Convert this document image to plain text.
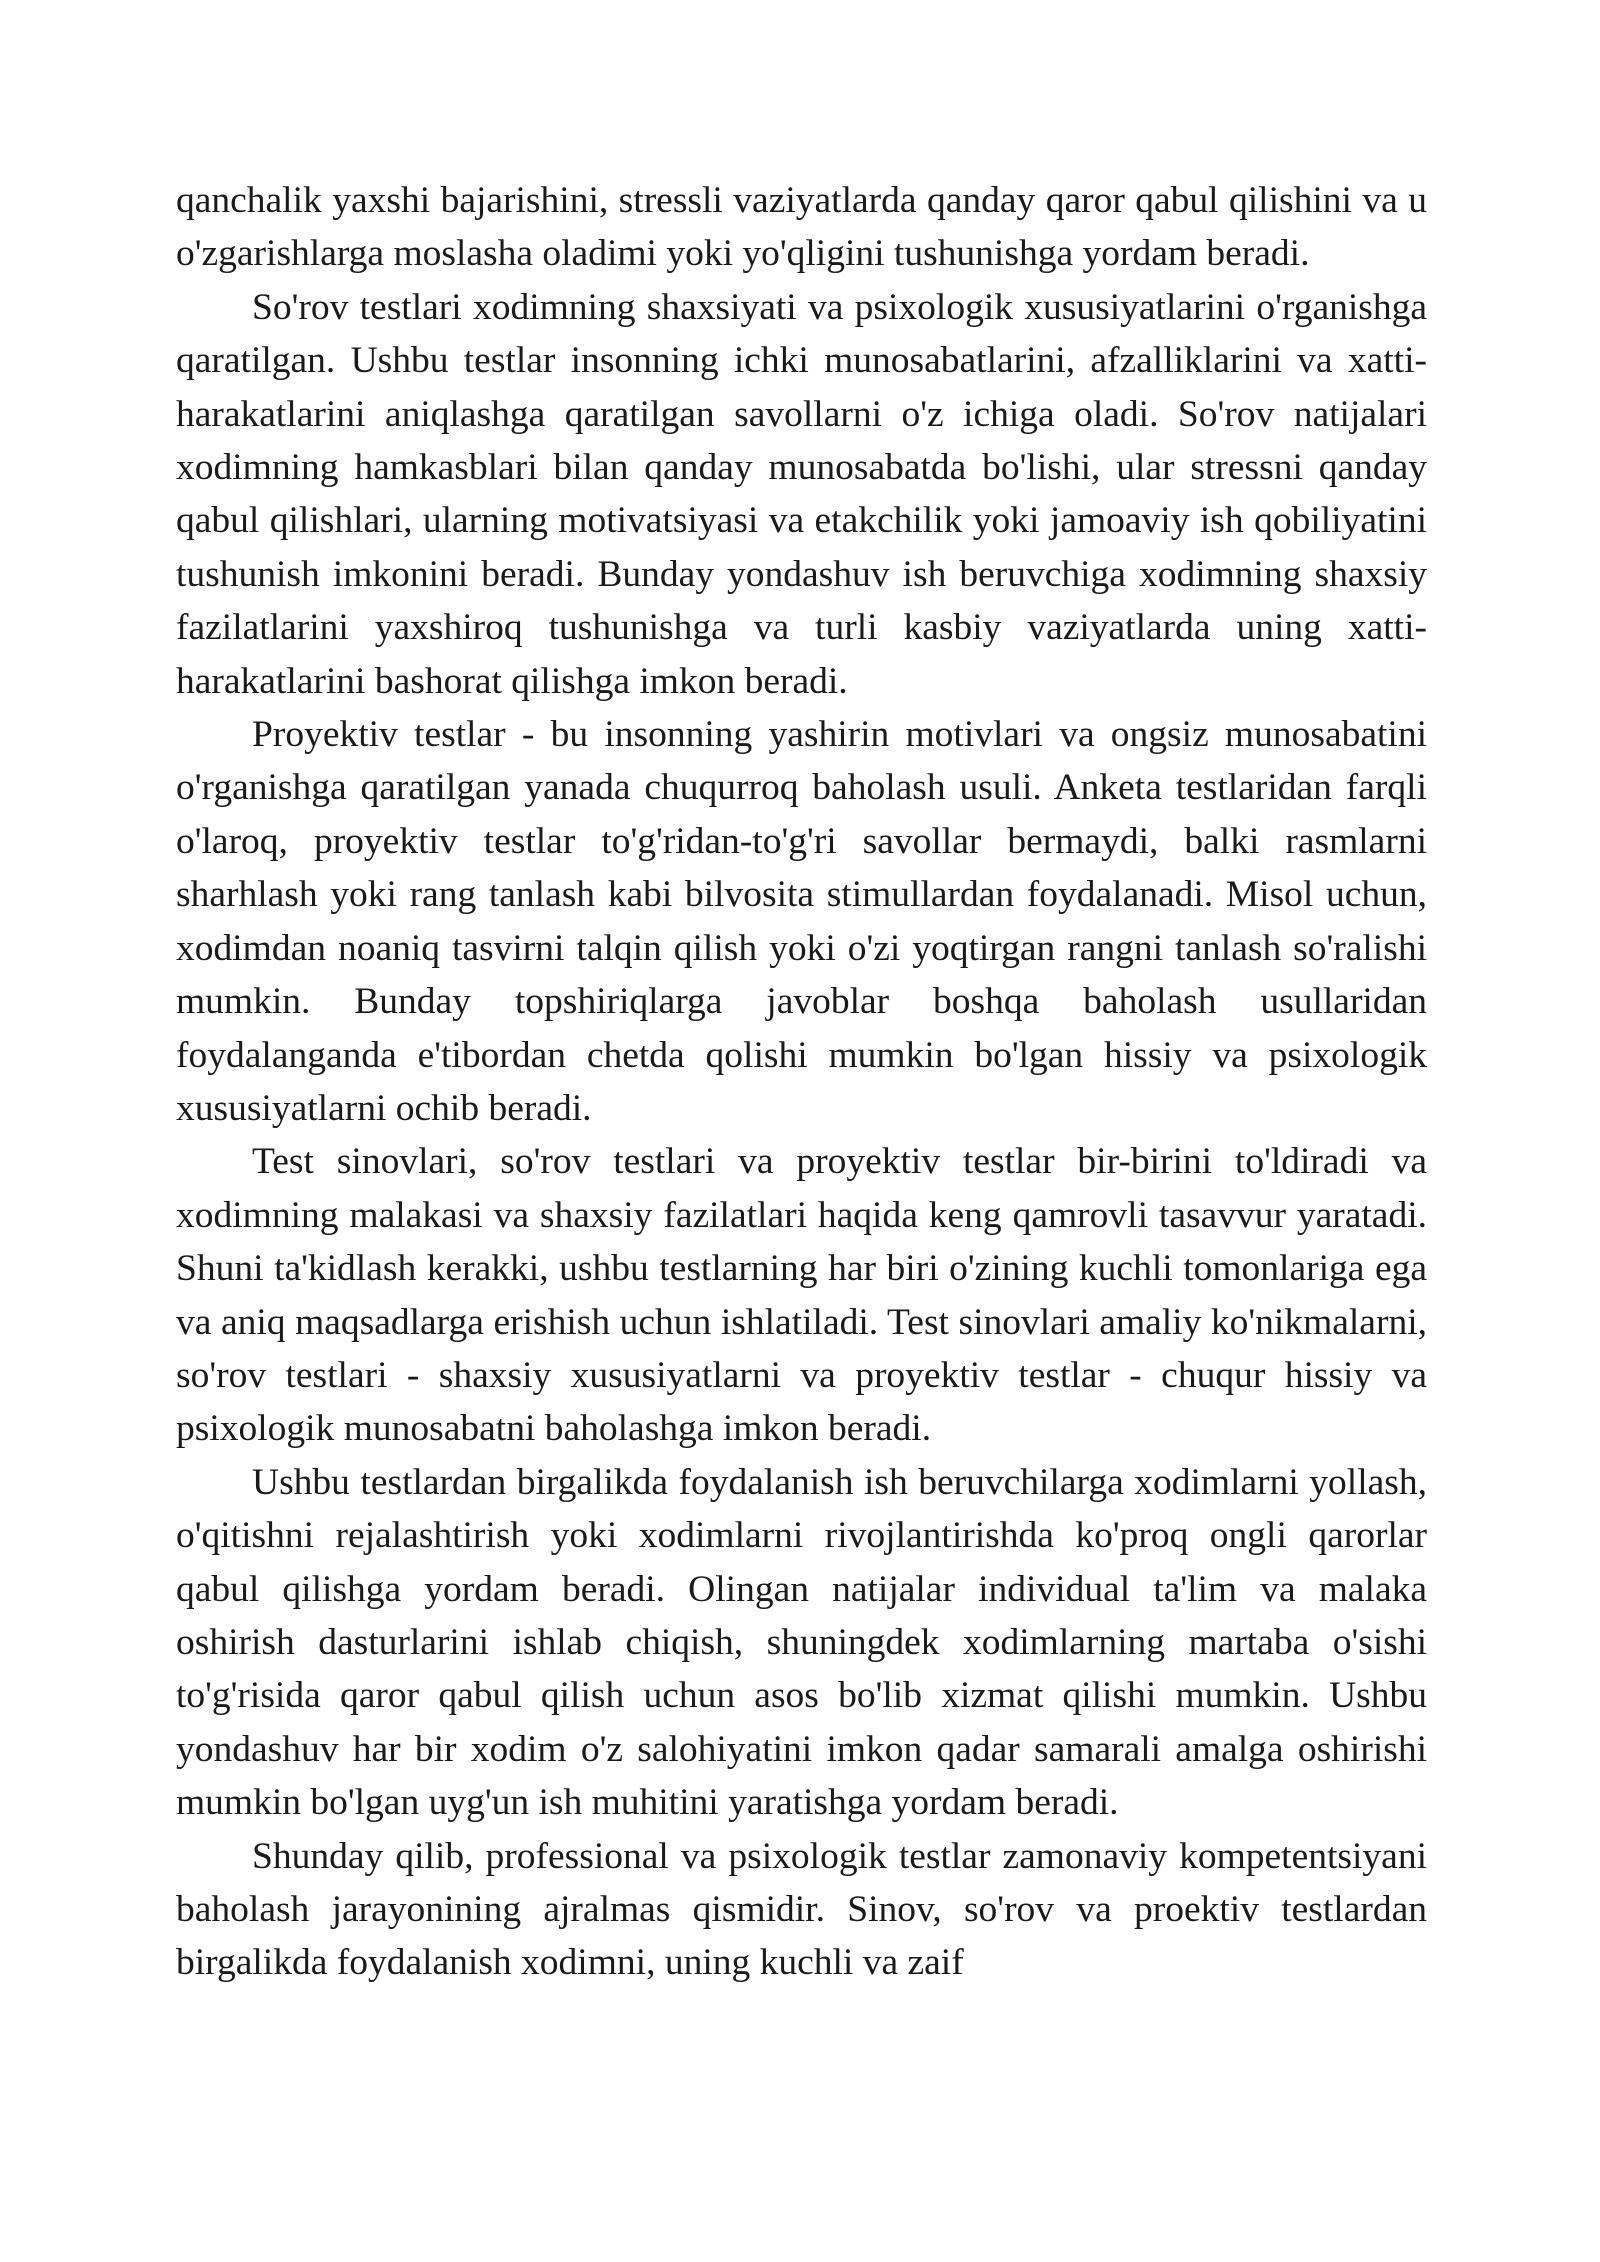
qanchalik yaxshi bajarishini, stressli vaziyatlarda qanday qaror qabul qilishini va u o'zgarishlarga moslasha oladimi yoki yo'qligini tushunishga yordam beradi.

So'rov testlari xodimning shaxsiyati va psixologik xususiyatlarini o'rganishga qaratilgan. Ushbu testlar insonning ichki munosabatlarini, afzalliklarini va xatti-harakatlarini aniqlashga qaratilgan savollarni o'z ichiga oladi. So'rov natijalari xodimning hamkasblari bilan qanday munosabatda bo'lishi, ular stressni qanday qabul qilishlari, ularning motivatsiyasi va etakchilik yoki jamoaviy ish qobiliyatini tushunish imkonini beradi. Bunday yondashuv ish beruvchiga xodimning shaxsiy fazilatlarini yaxshiroq tushunishga va turli kasbiy vaziyatlarda uning xatti-harakatlarini bashorat qilishga imkon beradi.

Proyektiv testlar - bu insonning yashirin motivlari va ongsiz munosabatini o'rganishga qaratilgan yanada chuqurroq baholash usuli. Anketa testlaridan farqli o'laroq, proyektiv testlar to'g'ridan-to'g'ri savollar bermaydi, balki rasmlarni sharhlash yoki rang tanlash kabi bilvosita stimullardan foydalanadi. Misol uchun, xodimdan noaniq tasvirni talqin qilish yoki o'zi yoqtirgan rangni tanlash so'ralishi mumkin. Bunday topshiriqlarga javoblar boshqa baholash usullaridan foydalanganda e'tibordan chetda qolishi mumkin bo'lgan hissiy va psixologik xususiyatlarni ochib beradi.

Test sinovlari, so'rov testlari va proyektiv testlar bir-birini to'ldiradi va xodimning malakasi va shaxsiy fazilatlari haqida keng qamrovli tasavvur yaratadi. Shuni ta'kidlash kerakki, ushbu testlarning har biri o'zining kuchli tomonlariga ega va aniq maqsadlarga erishish uchun ishlatiladi. Test sinovlari amaliy ko'nikmalarni, so'rov testlari - shaxsiy xususiyatlarni va proyektiv testlar - chuqur hissiy va psixologik munosabatni baholashga imkon beradi.

Ushbu testlardan birgalikda foydalanish ish beruvchilarga xodimlarni yollash, o'qitishni rejalashtirish yoki xodimlarni rivojlantirishda ko'proq ongli qarorlar qabul qilishga yordam beradi. Olingan natijalar individual ta'lim va malaka oshirish dasturlarini ishlab chiqish, shuningdek xodimlarning martaba o'sishi to'g'risida qaror qabul qilish uchun asos bo'lib xizmat qilishi mumkin. Ushbu yondashuv har bir xodim o'z salohiyatini imkon qadar samarali amalga oshirishi mumkin bo'lgan uyg'un ish muhitini yaratishga yordam beradi.

Shunday qilib, professional va psixologik testlar zamonaviy kompetentsiyani baholash jarayonining ajralmas qismidir. Sinov, so'rov va proektiv testlardan birgalikda foydalanish xodimni, uning kuchli va zaif
